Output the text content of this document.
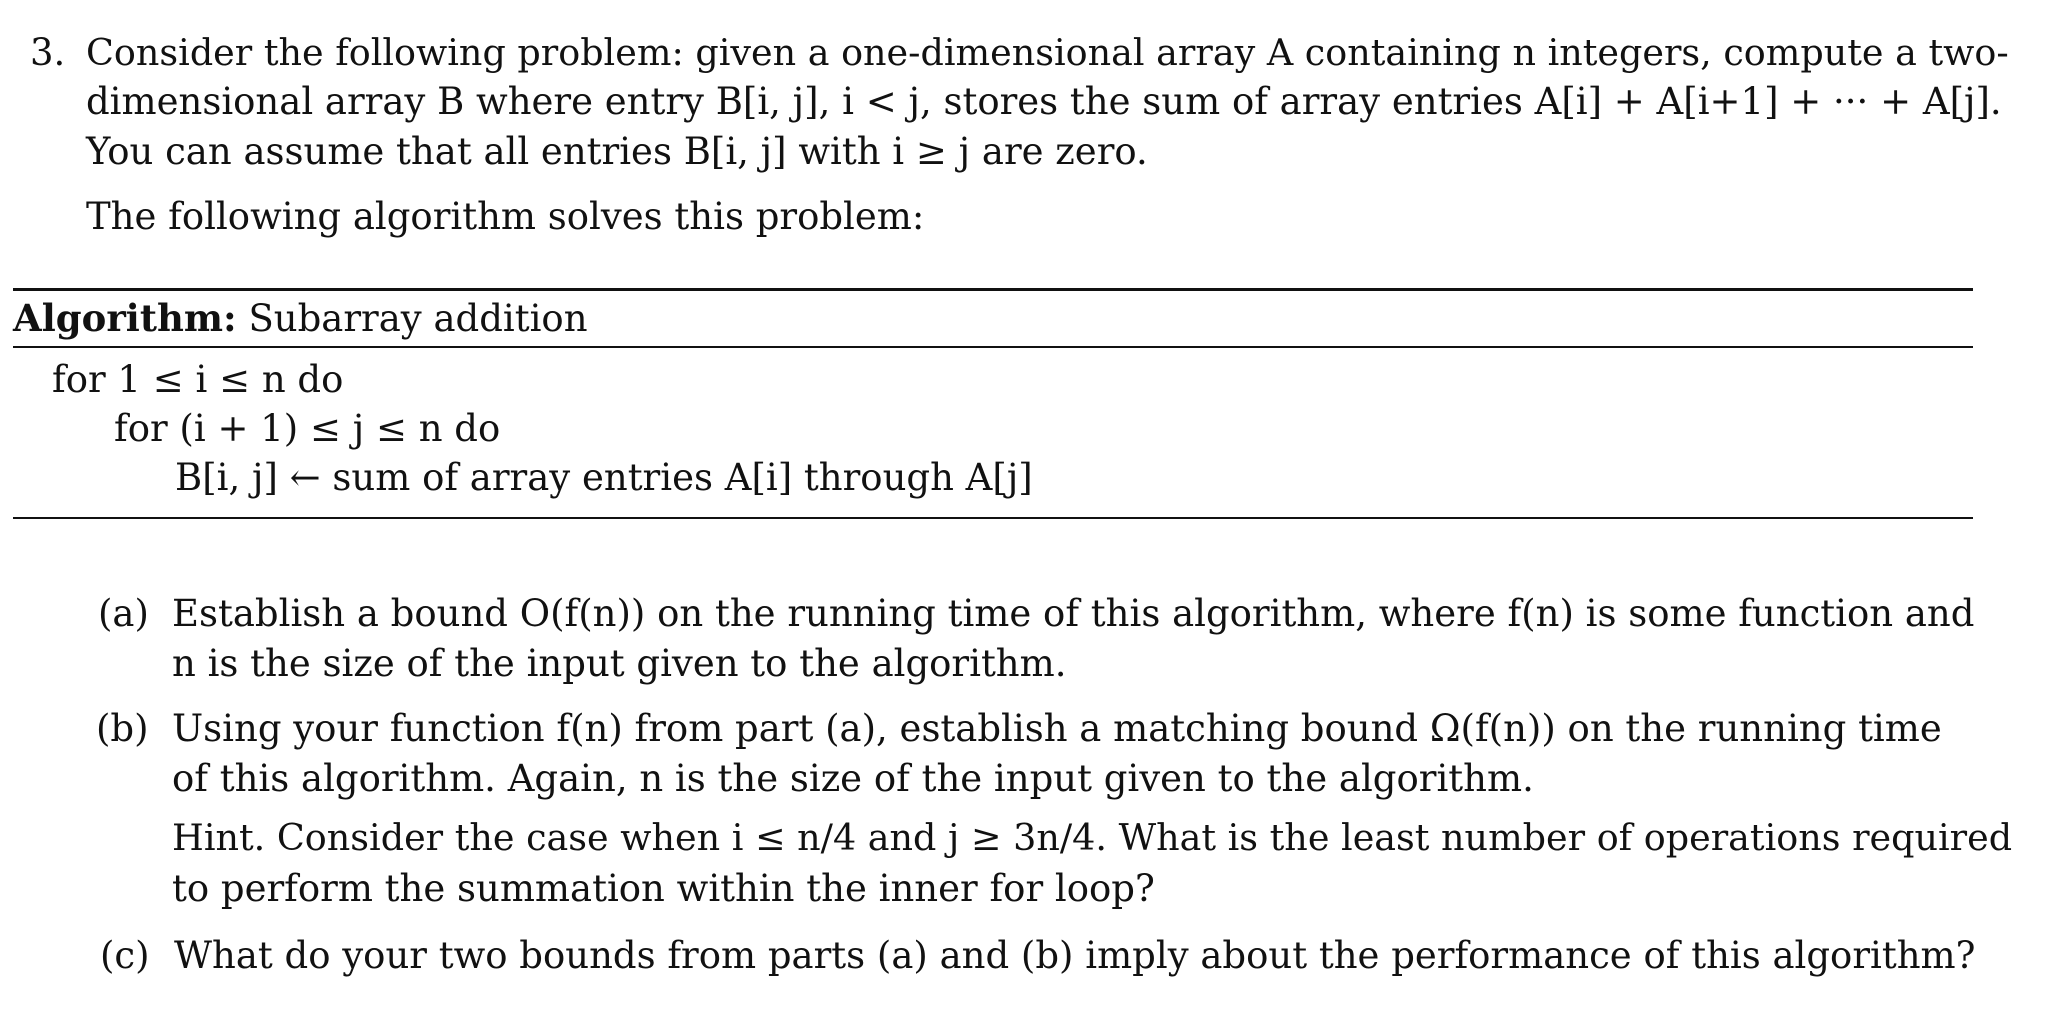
3. Consider the following problem: given a one-dimensional array A containing n integers, compute a two-
dimensional array B where entry B[i, j], i < j, stores the sum of array entries A[i] + A[i+1] + ··· + A[j].
You can assume that all entries B[i, j] with i ≥ j are zero.
The following algorithm solves this problem:
Algorithm: Subarray addition
for 1 ≤ i ≤ n do
for (i + 1) ≤ j ≤ n do
B[i, j] ← sum of array entries A[i] through A[j]
(a) Establish a bound O(f(n)) on the running time of this algorithm, where f(n) is some function and
n is the size of the input given to the algorithm.
(b) Using your function f(n) from part (a), establish a matching bound Ω(f(n)) on the running time
of this algorithm. Again, n is the size of the input given to the algorithm.
Hint. Consider the case when i ≤ n/4 and j ≥ 3n/4. What is the least number of operations required
to perform the summation within the inner for loop?
(c) What do your two bounds from parts (a) and (b) imply about the performance of this algorithm?
